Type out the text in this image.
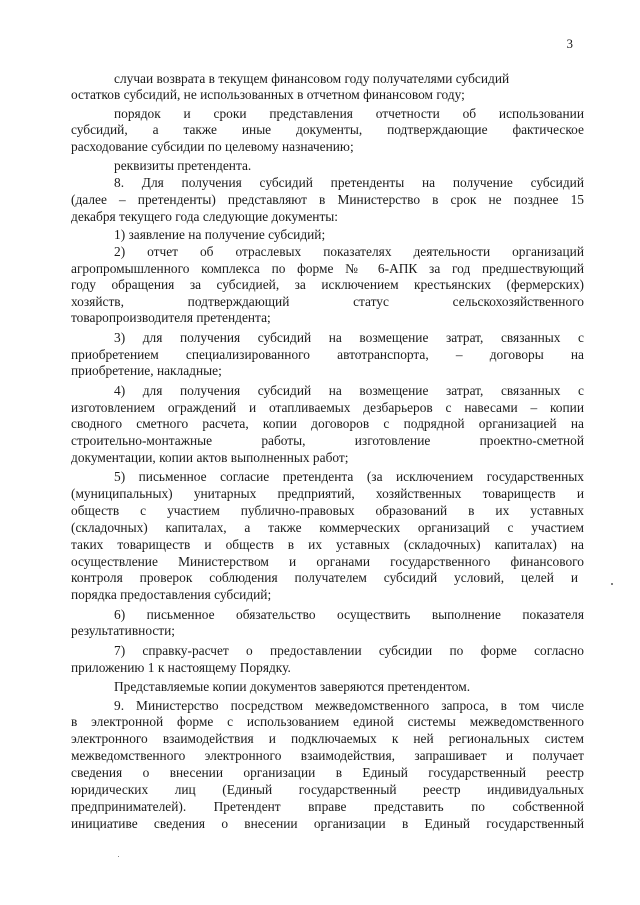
3
случаи возврата в текущем финансовом году получателями субсидий
остатков субсидий, не использованных в отчетном финансовом году;
порядок и сроки представления отчетности об использовании
субсидий, а также иные документы, подтверждающие фактическое
расходование субсидии по целевому назначению;
реквизиты претендента.
8. Для получения субсидий претенденты на получение субсидий
(далее – претенденты) представляют в Министерство в срок не позднее 15
декабря текущего года следующие документы:
1) заявление на получение субсидий;
2) отчет об отраслевых показателях деятельности организаций
агропромышленного комплекса по форме № 6-АПК за год предшествующий
году обращения за субсидией, за исключением крестьянских (фермерских)
хозяйств, подтверждающий статус сельскохозяйственного
товаропроизводителя претендента;
3) для получения субсидий на возмещение затрат, связанных с
приобретением специализированного автотранспорта, – договоры на
приобретение, накладные;
4) для получения субсидий на возмещение затрат, связанных с
изготовлением ограждений и отапливаемых дезбарьеров с навесами – копии
сводного сметного расчета, копии договоров с подрядной организацией на
строительно-монтажные работы, изготовление проектно-сметной
документации, копии актов выполненных работ;
5) письменное согласие претендента (за исключением государственных
(муниципальных) унитарных предприятий, хозяйственных товариществ и
обществ с участием публично-правовых образований в их уставных
(складочных) капиталах, а также коммерческих организаций с участием
таких товариществ и обществ в их уставных (складочных) капиталах) на
осуществление Министерством и органами государственного финансового
контроля проверок соблюдения получателем субсидий условий, целей и
порядка предоставления субсидий;
6) письменное обязательство осуществить выполнение показателя
результативности;
7) справку-расчет о предоставлении субсидии по форме согласно
приложению 1 к настоящему Порядку.
Представляемые копии документов заверяются претендентом.
9. Министерство посредством межведомственного запроса, в том числе
в электронной форме с использованием единой системы межведомственного
электронного взаимодействия и подключаемых к ней региональных систем
межведомственного электронного взаимодействия, запрашивает и получает
сведения о внесении организации в Единый государственный реестр
юридических лиц (Единый государственный реестр индивидуальных
предпринимателей). Претендент вправе представить по собственной
инициативе сведения о внесении организации в Единый государственный
